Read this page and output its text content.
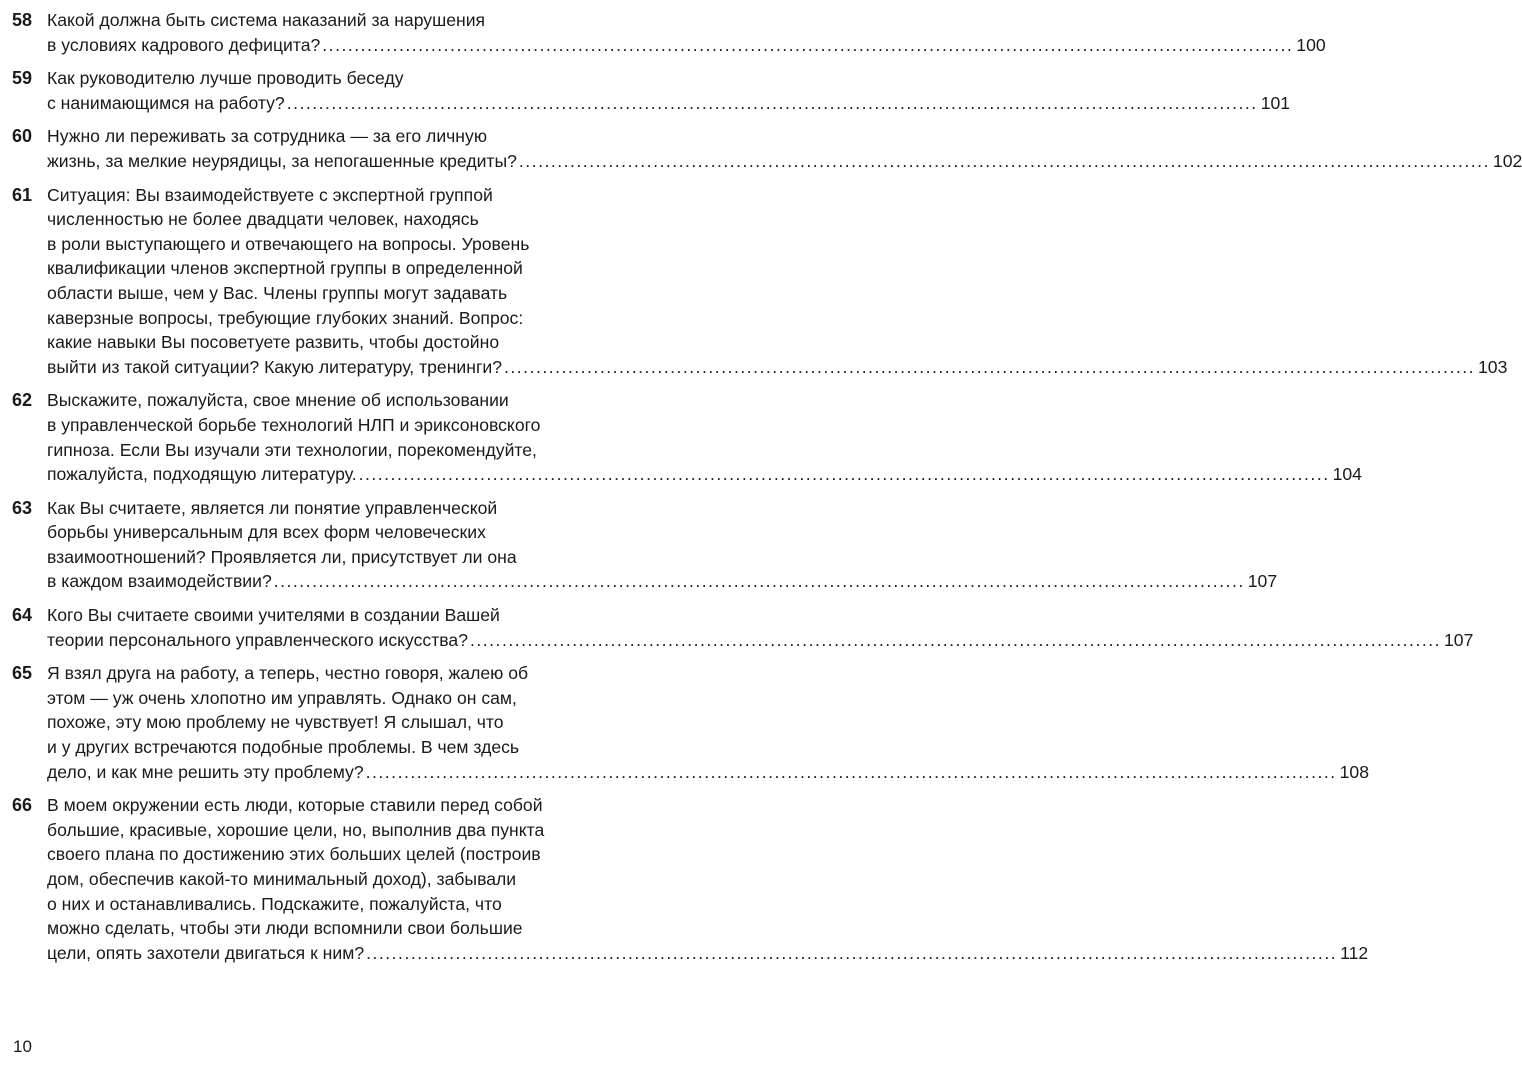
58 Какой должна быть система наказаний за нарушения
в условиях кадрового дефицита? .....	100
59 Как руководителю лучше проводить беседу
с нанимающимся на работу? .....	101
60 Нужно ли переживать за сотрудника — за его личную
жизнь, за мелкие неурядицы, за непогашенные кредиты? .....	102
61 Ситуация: Вы взаимодействуете с экспертной группой
численностью не более двадцати человек, находясь
в роли выступающего и отвечающего на вопросы. Уровень
квалификации членов экспертной группы в определенной
области выше, чем у Вас. Члены группы могут задавать
каверзные вопросы, требующие глубоких знаний. Вопрос:
какие навыки Вы посоветуете развить, чтобы достойно
выйти из такой ситуации? Какую литературу, тренинги? .....	103
62 Выскажите, пожалуйста, свое мнение об использовании
в управленческой борьбе технологий НЛП и эриксоновского
гипноза. Если Вы изучали эти технологии, порекомендуйте,
пожалуйста, подходящую литературу. .....	104
63 Как Вы считаете, является ли понятие управленческой
борьбы универсальным для всех форм человеческих
взаимоотношений? Проявляется ли, присутствует ли она
в каждом взаимодействии? .....	107
64 Кого Вы считаете своими учителями в создании Вашей
теории персонального управленческого искусства? .....	107
65 Я взял друга на работу, а теперь, честно говоря, жалею об
этом — уж очень хлопотно им управлять. Однако он сам,
похоже, эту мою проблему не чувствует! Я слышал, что
и у других встречаются подобные проблемы. В чем здесь
дело, и как мне решить эту проблему? .....	108
66 В моем окружении есть люди, которые ставили перед собой
большие, красивые, хорошие цели, но, выполнив два пункта
своего плана по достижению этих больших целей (построив
дом, обеспечив какой-то минимальный доход), забывали
о них и останавливались. Подскажите, пожалуйста, что
можно сделать, чтобы эти люди вспомнили свои большие
цели, опять захотели двигаться к ним? .....	112
10
